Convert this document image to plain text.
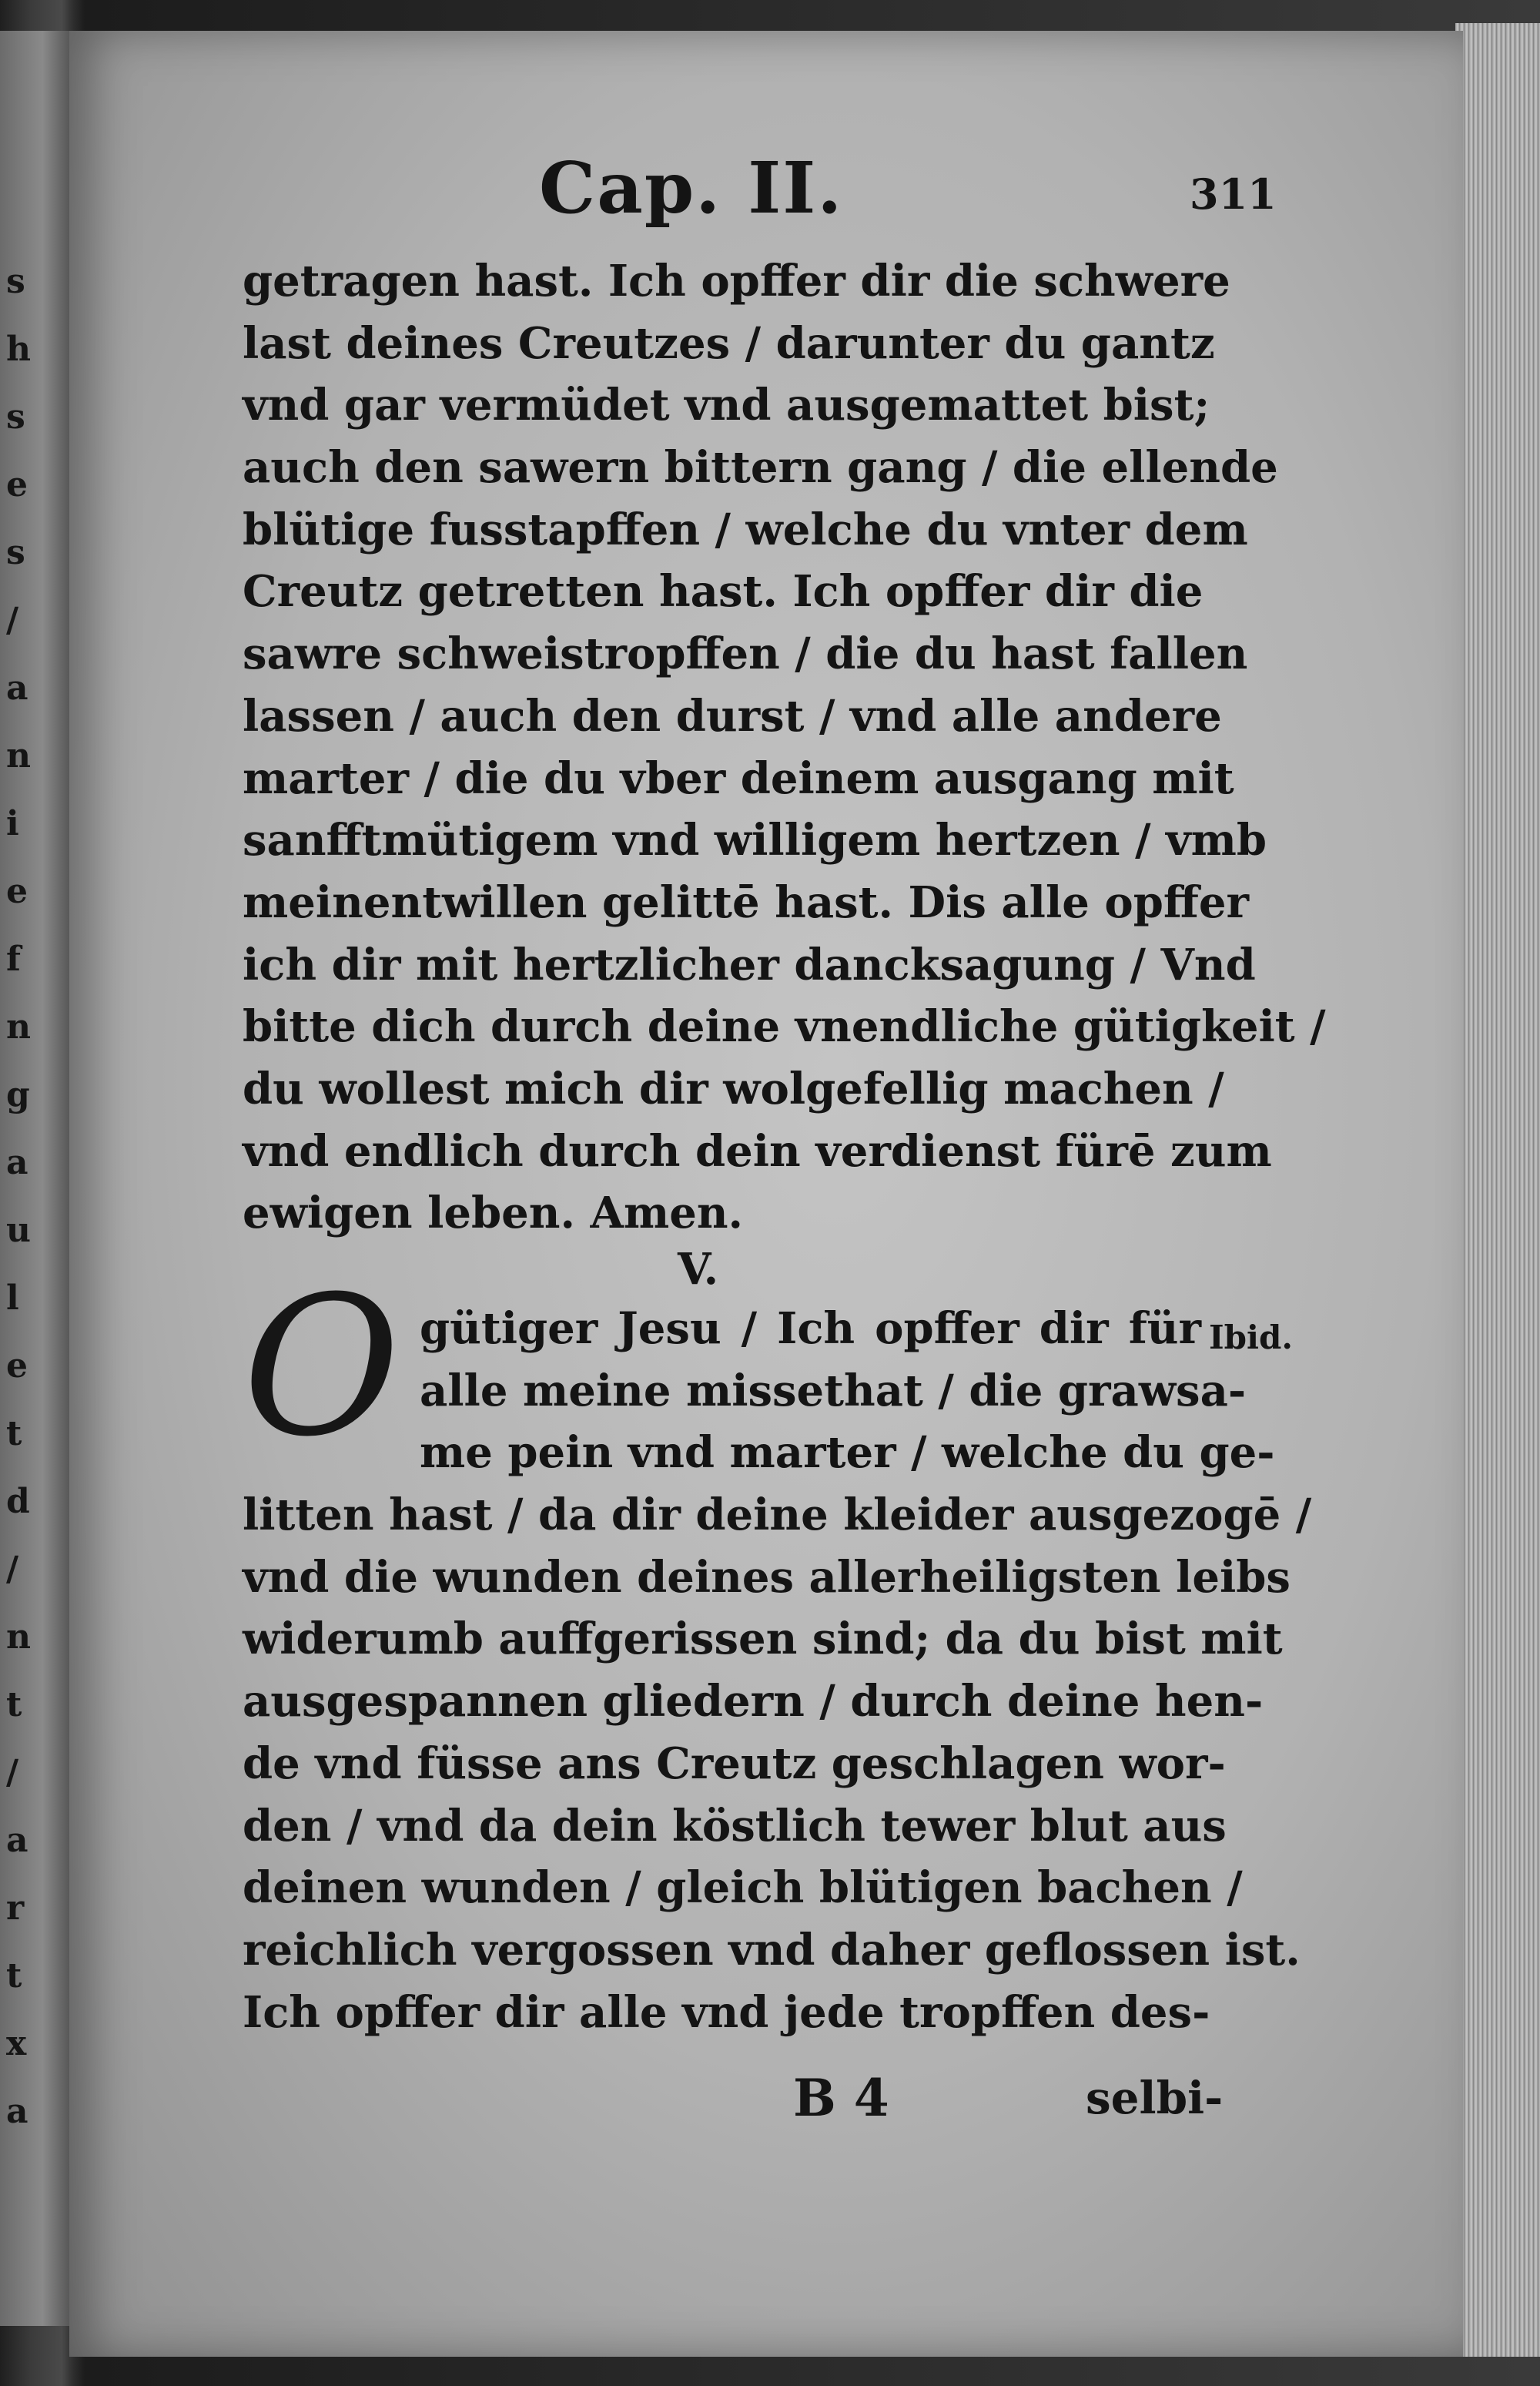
s
h
s
e
s
/
a
n
i
e
f
n
g
a
u
l
e
t
d
/
n
t
/
a
r
t
x
a

Cap. II.	311
getragen hast. Ich opffer dir die schwere
last deines Creutzes / darunter du gantz
vnd gar vermüdet vnd ausgemattet bist;
auch den sawern bittern gang / die ellende
blütige fusstapffen / welche du vnter dem
Creutz getretten hast. Ich opffer dir die
sawre schweistropffen / die du hast fallen
lassen / auch den durst / vnd alle andere
marter / die du vber deinem ausgang mit
sanfftmütigem vnd willigem hertzen / vmb
meinentwillen gelittē hast. Dis alle opffer
ich dir mit hertzlicher dancksagung / Vnd
bitte dich durch deine vnendliche gütigkeit /
du wollest mich dir wolgefellig machen /
vnd endlich durch dein verdienst fürē zum
ewigen leben. Amen.
V.
O gütiger Jesu / Ich opffer dir für
alle meine missethat / die grawsa-
me pein vnd marter / welche du ge-
litten hast / da dir deine kleider ausgezogē /
vnd die wunden deines allerheiligsten leibs
widerumb auffgerissen sind; da du bist mit
ausgespannen gliedern / durch deine hen-
de vnd füsse ans Creutz geschlagen wor-
den / vnd da dein köstlich tewer blut aus
deinen wunden / gleich blütigen bachen /
reichlich vergossen vnd daher geflossen ist.
Ich opffer dir alle vnd jede tropffen des-
Ibid.
B 4	selbi-
